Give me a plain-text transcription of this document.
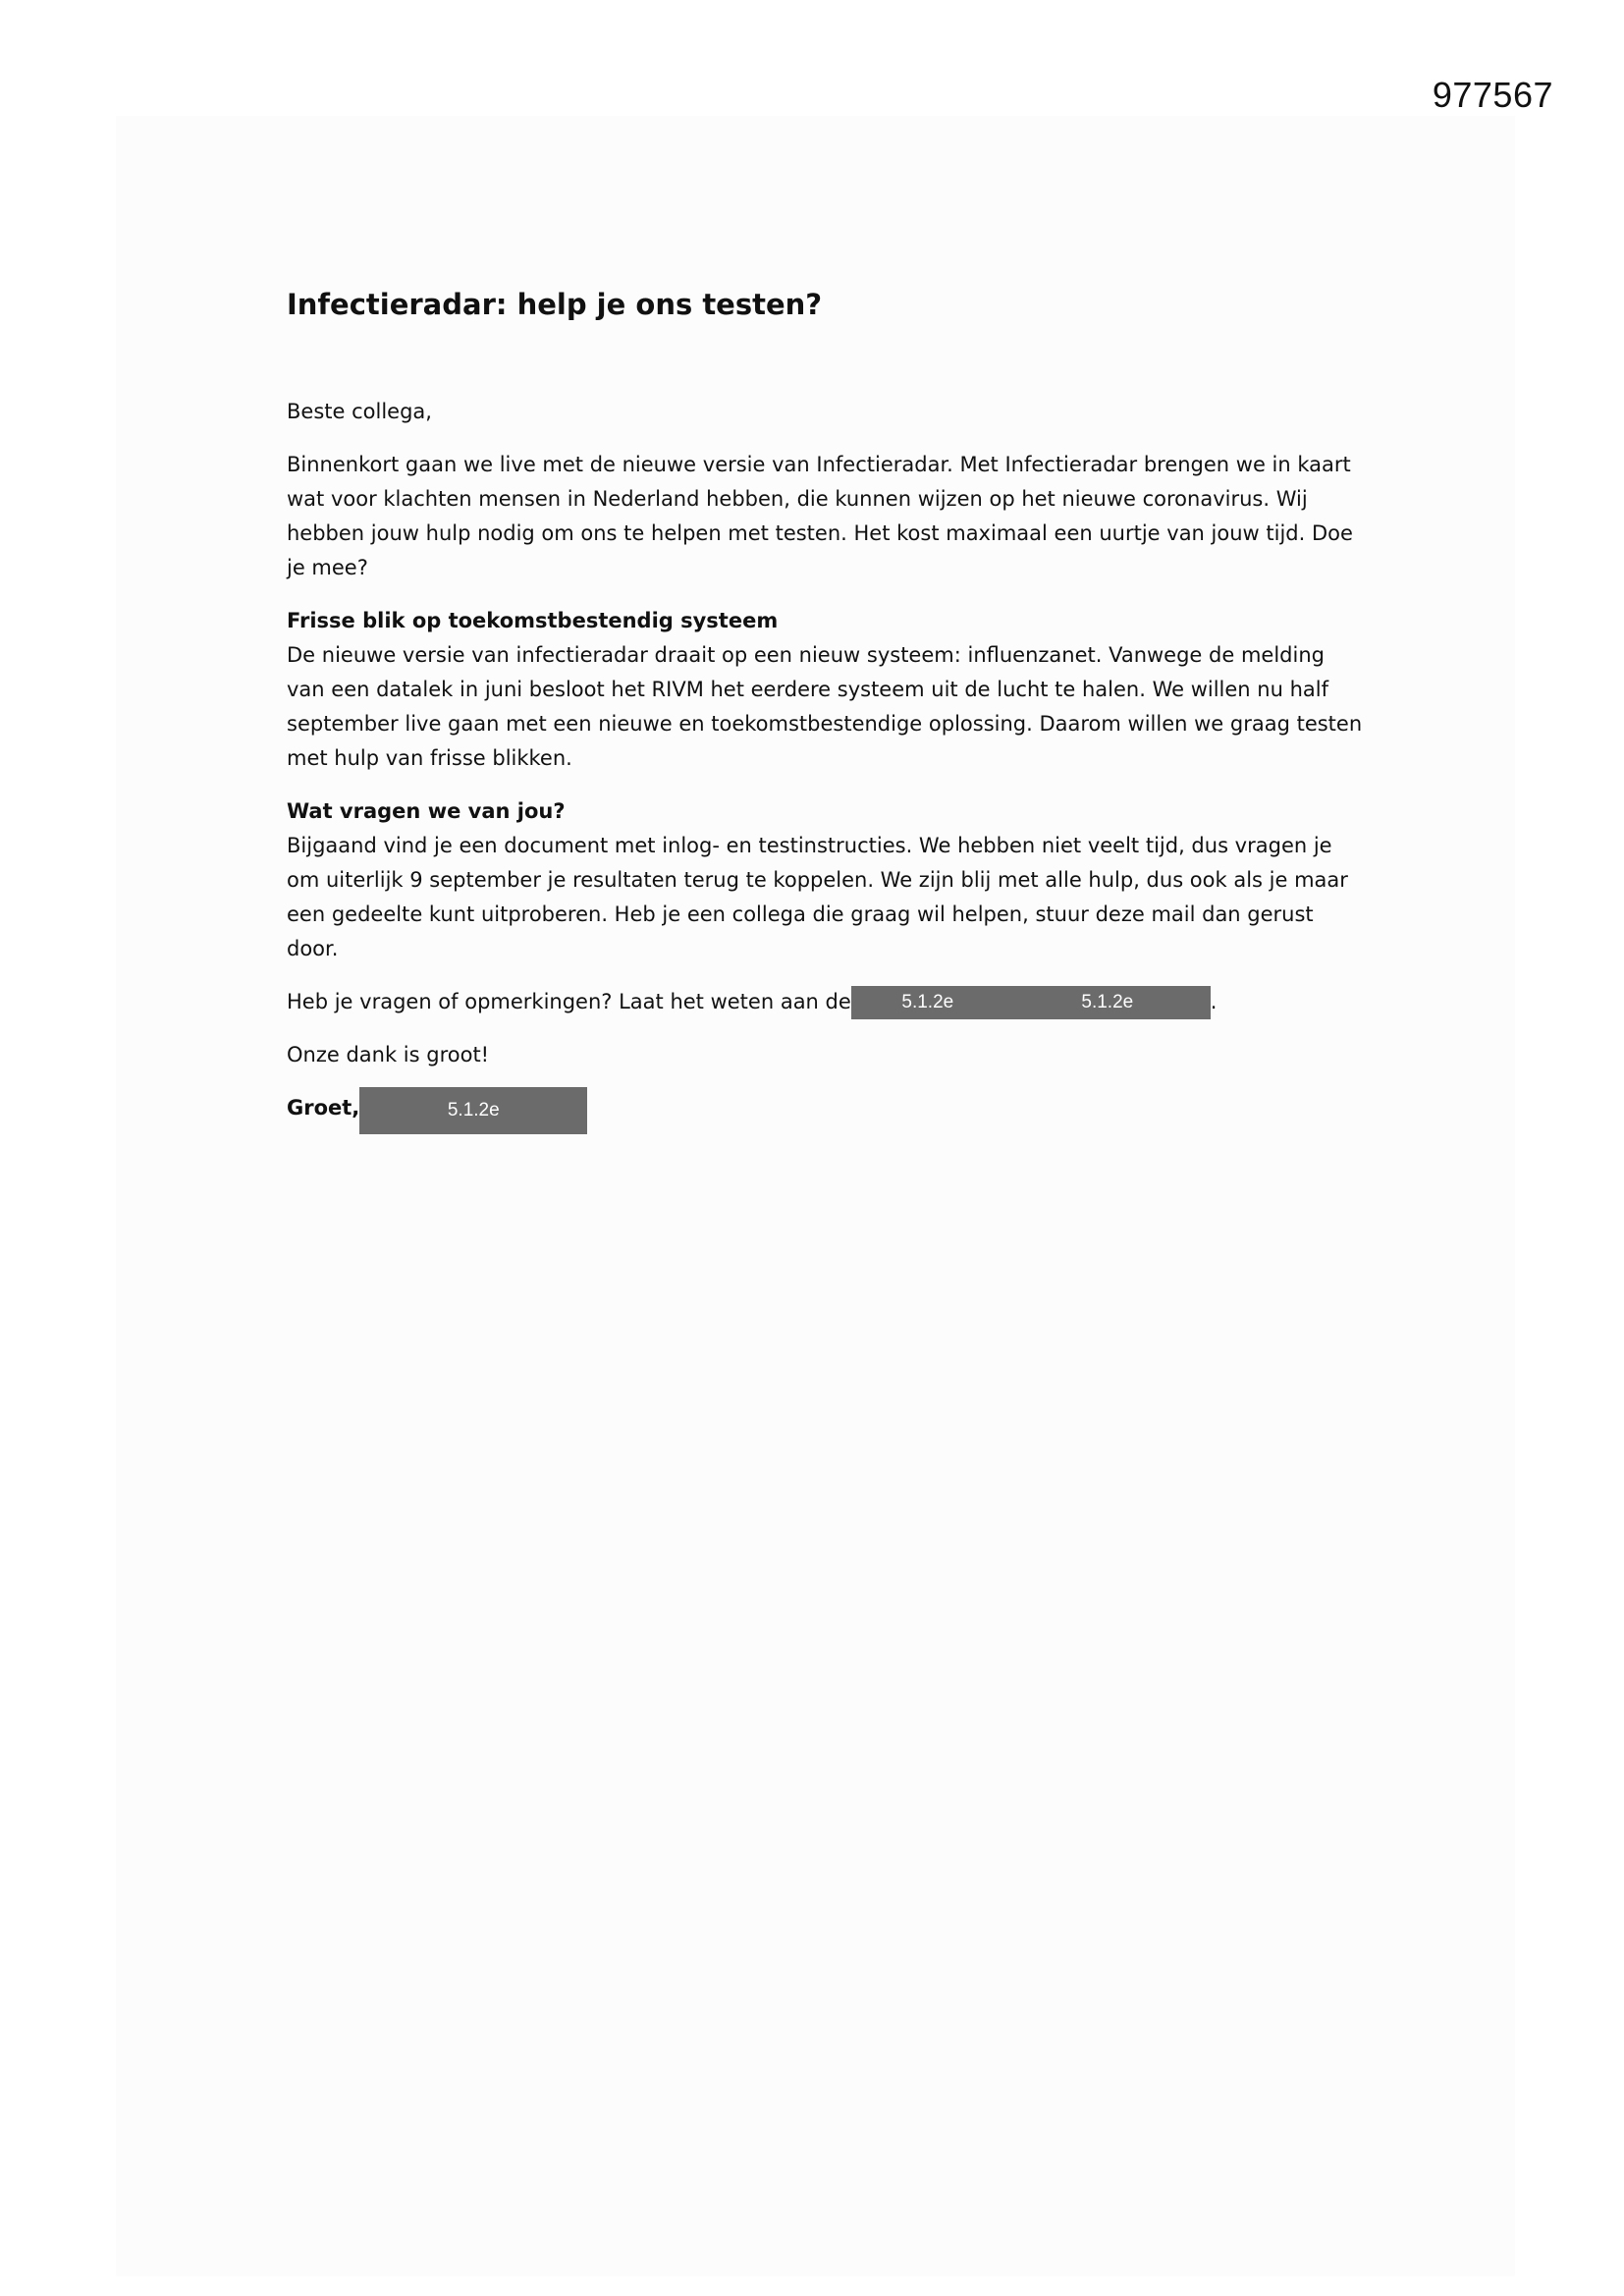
977567
Infectieradar: help je ons testen?

Beste collega,

Binnenkort gaan we live met de nieuwe versie van Infectieradar. Met Infectieradar brengen we in kaart wat voor klachten mensen in Nederland hebben, die kunnen wijzen op het nieuwe coronavirus. Wij hebben jouw hulp nodig om ons te helpen met testen. Het kost maximaal een uurtje van jouw tijd. Doe je mee?

Frisse blik op toekomstbestendig systeem
De nieuwe versie van infectieradar draait op een nieuw systeem: influenzanet. Vanwege de melding van een datalek in juni besloot het RIVM het eerdere systeem uit de lucht te halen. We willen nu half september live gaan met een nieuwe en toekomstbestendige oplossing. Daarom willen we graag testen met hulp van frisse blikken.

Wat vragen we van jou?
Bijgaand vind je een document met inlog- en testinstructies. We hebben niet veelt tijd, dus vragen je om uiterlijk 9 september je resultaten terug te koppelen. We zijn blij met alle hulp, dus ook als je maar een gedeelte kunt uitproberen. Heb je een collega die graag wil helpen, stuur deze mail dan gerust door.

Heb je vragen of opmerkingen? Laat het weten aan de	5.1.2e	5.1.2e	.

Onze dank is groot!

Groet,	5.1.2e
